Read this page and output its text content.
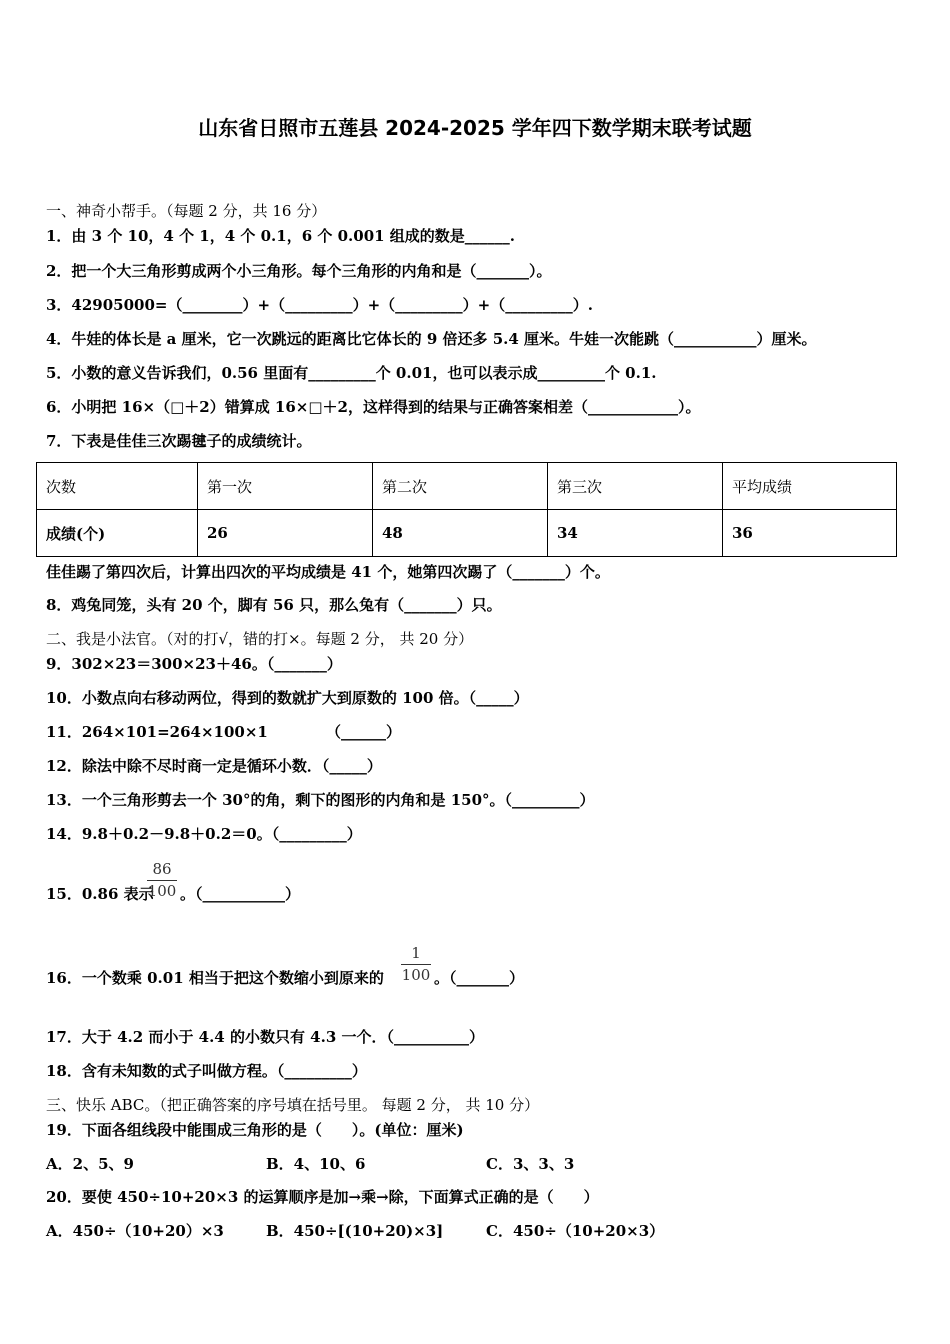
山东省日照市五莲县 2024-2025 学年四下数学期末联考试题
一、神奇小帮手。（每题 2 分，共 16 分）
1．由 3 个 10，4 个 1，4 个 0.1，6 个 0.001 组成的数是______.
2．把一个大三角形剪成两个小三角形。每个三角形的内角和是（_______）。
3．42905000=（________）+（_________）+（_________）+（_________）.
4．牛娃的体长是 a 厘米，它一次跳远的距离比它体长的 9 倍还多 5.4 厘米。牛娃一次能跳（___________）厘米。
5．小数的意义告诉我们，0.56 里面有_________个 0.01，也可以表示成_________个 0.1.
6．小明把 16×（□＋2）错算成 16×□＋2，这样得到的结果与正确答案相差（____________）。
7．下表是佳佳三次踢毽子的成绩统计。
次数	第一次	第二次	第三次	平均成绩
成绩(个)	26	48	34	36
佳佳踢了第四次后，计算出四次的平均成绩是 41 个，她第四次踢了（_______）个。
8．鸡兔同笼，头有 20 个，脚有 56 只，那么兔有（_______）只。
二、我是小法官。（对的打√，错的打×。每题 2 分， 共 20 分）
9．302×23＝300×23＋46。（_______）
10．小数点向右移动两位，得到的数就扩大到原数的 100 倍。（_____）
11．264×101=264×100×1	（______）
12．除法中除不尽时商一定是循环小数．（_____）
13．一个三角形剪去一个 30°的角，剩下的图形的内角和是 150°。（_________）
14．9.8＋0.2－9.8＋0.2＝0。（_________）
15．0.86 表示
86
100 。（___________）
16．一个数乘 0.01 相当于把这个数缩小到原来的
1
100 。（_______）
17．大于 4.2 而小于 4.4 的小数只有 4.3 一个．（__________）
18．含有未知数的式子叫做方程。（_________）
三、快乐 ABC。（把正确答案的序号填在括号里。 每题 2 分， 共 10 分）
19．下面各组线段中能围成三角形的是（　　）。(单位：厘米)
A．2、5、9	B．4、10、6	C．3、3、3
20．要使 450÷10+20×3 的运算顺序是加→乘→除，下面算式正确的是（　　）
A．450÷（10+20）×3	B．450÷[(10+20)×3]	C．450÷（10+20×3）
